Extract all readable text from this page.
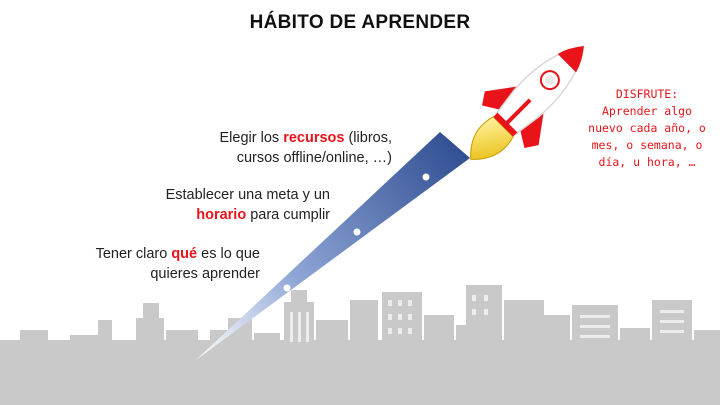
HÁBITO DE APRENDER
Elegir los recursos (libros,
cursos offline/online, …)
Establecer una meta y un
horario para cumplir
Tener claro qué es lo que
quieres aprender
DISFRUTE:
Aprender algo
nuevo cada año, o
mes, o semana, o
día, u hora, …
